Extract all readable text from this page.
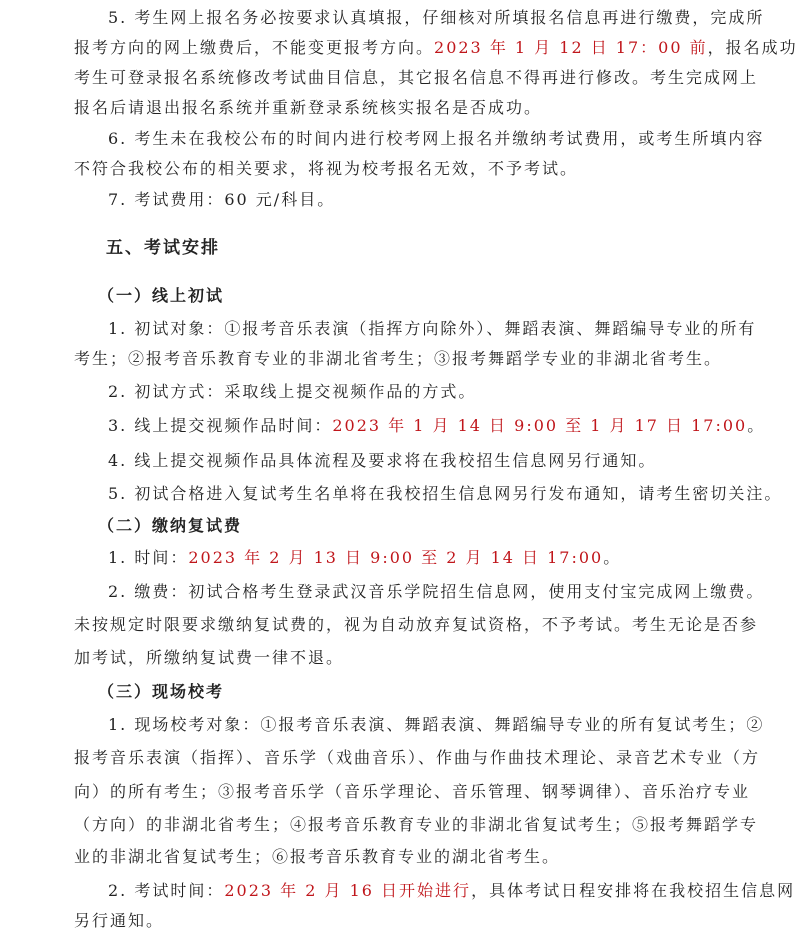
5. 考生网上报名务必按要求认真填报，仔细核对所填报名信息再进行缴费，完成所
报考方向的网上缴费后，不能变更报考方向。2023 年 1 月 12 日 17：00 前，报名成功
考生可登录报名系统修改考试曲目信息，其它报名信息不得再进行修改。考生完成网上
报名后请退出报名系统并重新登录系统核实报名是否成功。
6. 考生未在我校公布的时间内进行校考网上报名并缴纳考试费用，或考生所填内容
不符合我校公布的相关要求，将视为校考报名无效，不予考试。
7. 考试费用：60 元/科目。
五、考试安排
（一）线上初试
1. 初试对象：①报考音乐表演（指挥方向除外）、舞蹈表演、舞蹈编导专业的所有
考生；②报考音乐教育专业的非湖北省考生；③报考舞蹈学专业的非湖北省考生。
2. 初试方式：采取线上提交视频作品的方式。
3. 线上提交视频作品时间：2023 年 1 月 14 日 9:00 至 1 月 17 日 17:00。
4. 线上提交视频作品具体流程及要求将在我校招生信息网另行通知。
5. 初试合格进入复试考生名单将在我校招生信息网另行发布通知，请考生密切关注。
（二）缴纳复试费
1. 时间：2023 年 2 月 13 日 9:00 至 2 月 14 日 17:00。
2. 缴费：初试合格考生登录武汉音乐学院招生信息网，使用支付宝完成网上缴费。
未按规定时限要求缴纳复试费的，视为自动放弃复试资格，不予考试。考生无论是否参
加考试，所缴纳复试费一律不退。
（三）现场校考
1. 现场校考对象：①报考音乐表演、舞蹈表演、舞蹈编导专业的所有复试考生；②
报考音乐表演（指挥）、音乐学（戏曲音乐）、作曲与作曲技术理论、录音艺术专业（方
向）的所有考生；③报考音乐学（音乐学理论、音乐管理、钢琴调律）、音乐治疗专业
（方向）的非湖北省考生；④报考音乐教育专业的非湖北省复试考生；⑤报考舞蹈学专
业的非湖北省复试考生；⑥报考音乐教育专业的湖北省考生。
2. 考试时间：2023 年 2 月 16 日开始进行，具体考试日程安排将在我校招生信息网
另行通知。
